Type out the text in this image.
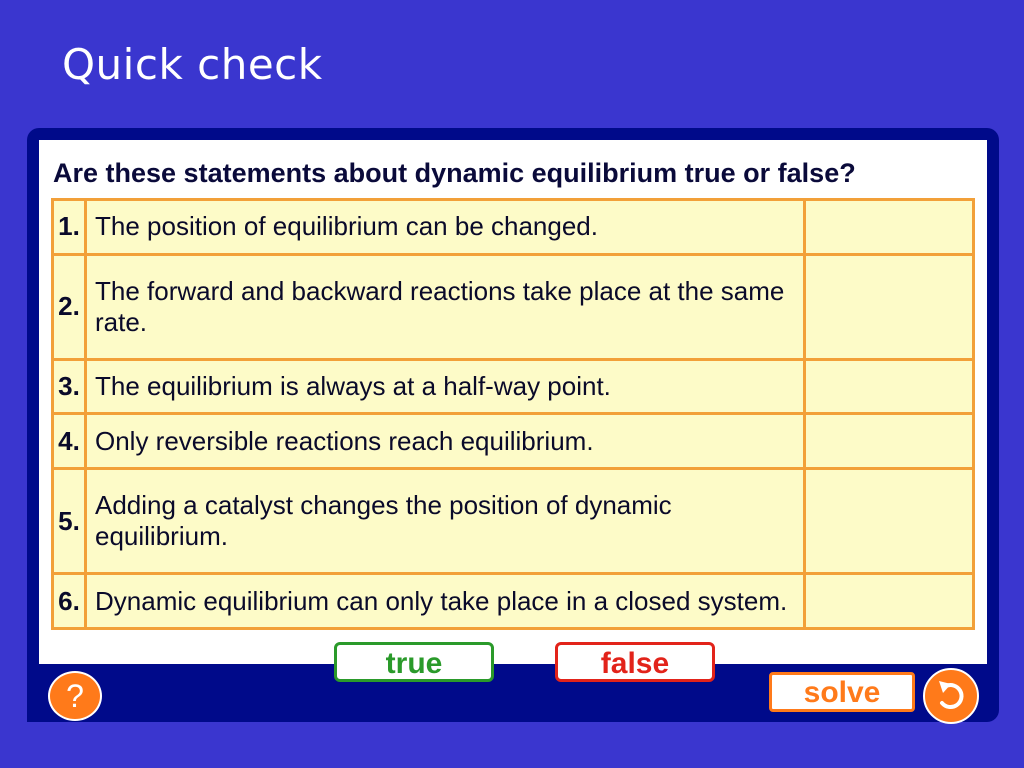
Quick check
Are these statements about dynamic equilibrium true or false?
1.	The position of equilibrium can be changed.	
2.	The forward and backward reactions take place at the same rate.	
3.	The equilibrium is always at a half-way point.	
4.	Only reversible reactions reach equilibrium.	
5.	Adding a catalyst changes the position of dynamic equilibrium.	
6.	Dynamic equilibrium can only take place in a closed system.	
true	false
?	solve
